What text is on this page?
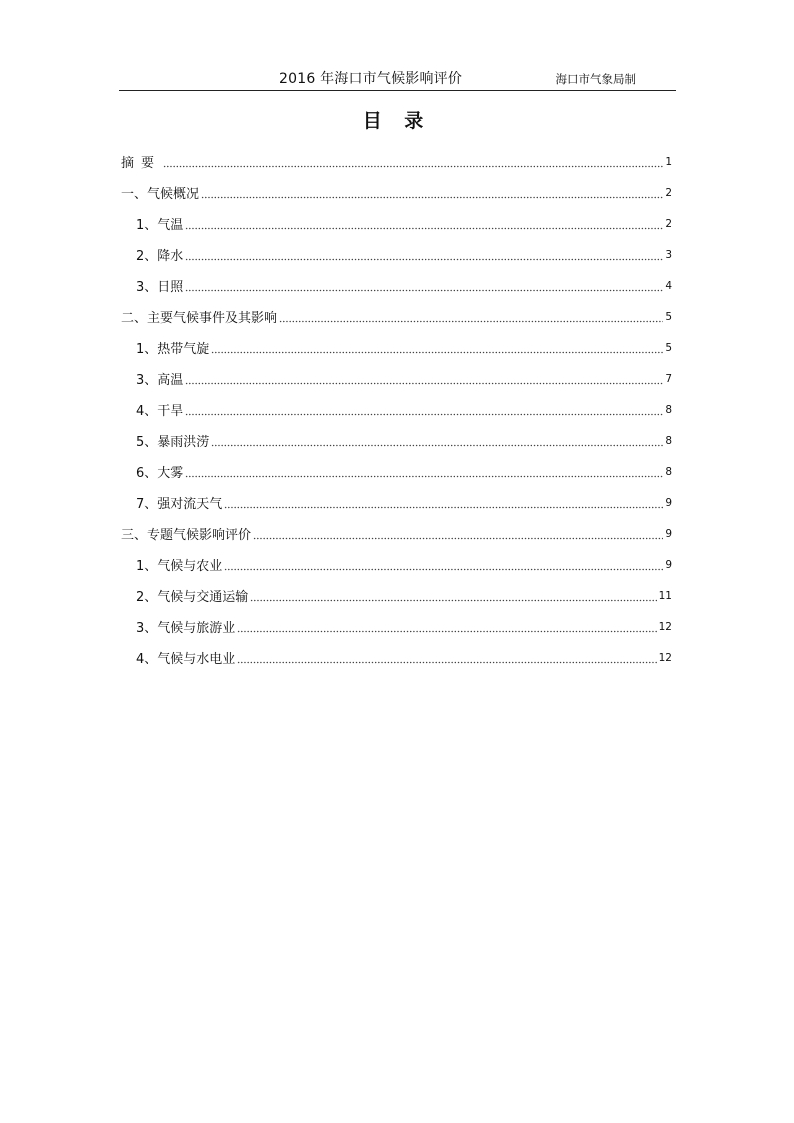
2016 年海口市气候影响评价	海口市气象局制
目 录
摘要	1
一、气候概况	2
1、气温	2
2、降水	3
3、日照	4
二、主要气候事件及其影响	5
1、热带气旋	5
3、高温	7
4、干旱	8
5、暴雨洪涝	8
6、大雾	8
7、强对流天气	9
三、专题气候影响评价	9
1、气候与农业	9
2、气候与交通运输	11
3、气候与旅游业	12
4、气候与水电业	12
